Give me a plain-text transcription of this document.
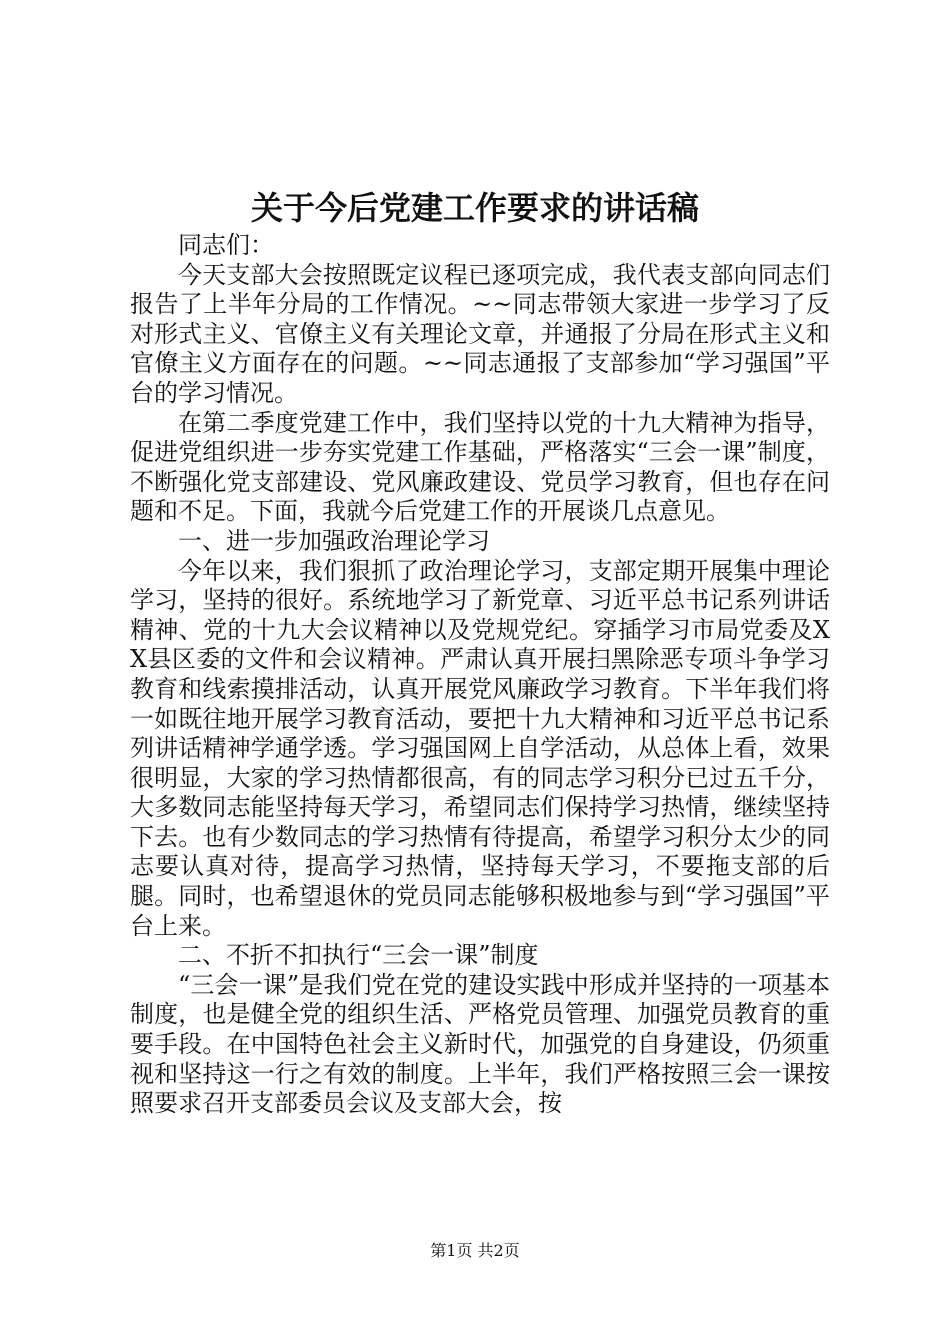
关于今后党建工作要求的讲话稿

同志们：

今天支部大会按照既定议程已逐项完成，我代表支部向同志们报告了上半年分局的工作情况。~~同志带领大家进一步学习了反对形式主义、官僚主义有关理论文章，并通报了分局在形式主义和官僚主义方面存在的问题。~~同志通报了支部参加“学习强国”平台的学习情况。

在第二季度党建工作中，我们坚持以党的十九大精神为指导，促进党组织进一步夯实党建工作基础，严格落实“三会一课”制度，不断强化党支部建设、党风廉政建设、党员学习教育，但也存在问题和不足。下面，我就今后党建工作的开展谈几点意见。

一、进一步加强政治理论学习

今年以来，我们狠抓了政治理论学习，支部定期开展集中理论学习，坚持的很好。系统地学习了新党章、习近平总书记系列讲话精神、党的十九大会议精神以及党规党纪。穿插学习市局党委及XX县区委的文件和会议精神。严肃认真开展扫黑除恶专项斗争学习教育和线索摸排活动，认真开展党风廉政学习教育。下半年我们将一如既往地开展学习教育活动，要把十九大精神和习近平总书记系列讲话精神学通学透。学习强国网上自学活动，从总体上看，效果很明显，大家的学习热情都很高，有的同志学习积分已过五千分，大多数同志能坚持每天学习，希望同志们保持学习热情，继续坚持下去。也有少数同志的学习热情有待提高，希望学习积分太少的同志要认真对待，提高学习热情，坚持每天学习，不要拖支部的后腿。同时，也希望退休的党员同志能够积极地参与到“学习强国”平台上来。

二、不折不扣执行“三会一课”制度

“三会一课”是我们党在党的建设实践中形成并坚持的一项基本制度，也是健全党的组织生活、严格党员管理、加强党员教育的重要手段。在中国特色社会主义新时代，加强党的自身建设，仍须重视和坚持这一行之有效的制度。上半年，我们严格按照三会一课按照要求召开支部委员会议及支部大会，按

第1页 共2页
